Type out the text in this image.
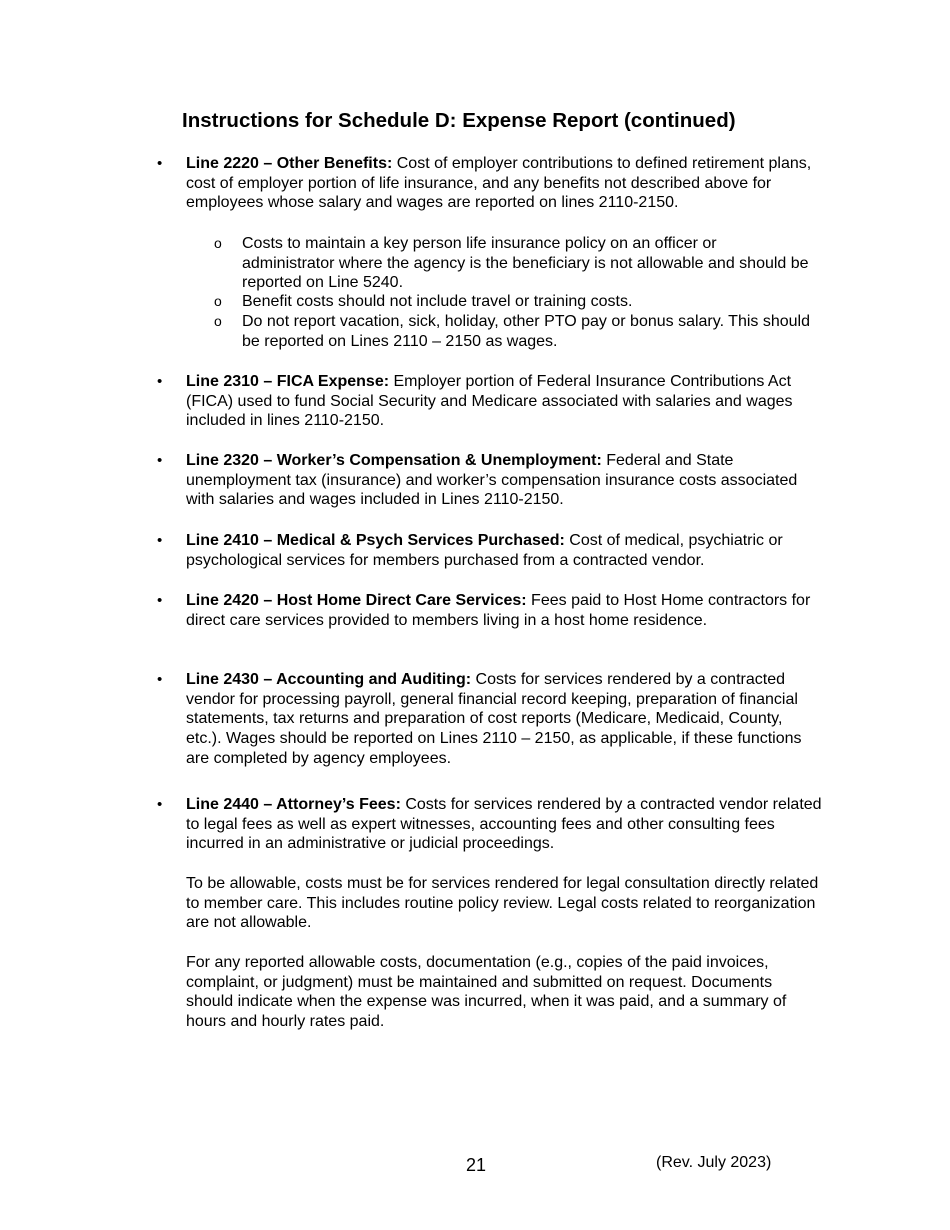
Instructions for Schedule D: Expense Report (continued)
• Line 2220 – Other Benefits: Cost of employer contributions to defined retirement plans, cost of employer portion of life insurance, and any benefits not described above for employees whose salary and wages are reported on lines 2110-2150.

o Costs to maintain a key person life insurance policy on an officer or administrator where the agency is the beneficiary is not allowable and should be reported on Line 5240.
o Benefit costs should not include travel or training costs.
o Do not report vacation, sick, holiday, other PTO pay or bonus salary. This should be reported on Lines 2110 – 2150 as wages.
• Line 2310 – FICA Expense: Employer portion of Federal Insurance Contributions Act (FICA) used to fund Social Security and Medicare associated with salaries and wages included in lines 2110-2150.

• Line 2320 – Worker’s Compensation & Unemployment: Federal and State unemployment tax (insurance) and worker’s compensation insurance costs associated with salaries and wages included in Lines 2110-2150.

• Line 2410 – Medical & Psych Services Purchased: Cost of medical, psychiatric or psychological services for members purchased from a contracted vendor.

• Line 2420 – Host Home Direct Care Services: Fees paid to Host Home contractors for direct care services provided to members living in a host home residence.

• Line 2430 – Accounting and Auditing: Costs for services rendered by a contracted vendor for processing payroll, general financial record keeping, preparation of financial statements, tax returns and preparation of cost reports (Medicare, Medicaid, County, etc.). Wages should be reported on Lines 2110 – 2150, as applicable, if these functions are completed by agency employees.

• Line 2440 – Attorney’s Fees: Costs for services rendered by a contracted vendor related to legal fees as well as expert witnesses, accounting fees and other consulting fees incurred in an administrative or judicial proceedings.

To be allowable, costs must be for services rendered for legal consultation directly related to member care. This includes routine policy review. Legal costs related to reorganization are not allowable.

For any reported allowable costs, documentation (e.g., copies of the paid invoices, complaint, or judgment) must be maintained and submitted on request. Documents should indicate when the expense was incurred, when it was paid, and a summary of hours and hourly rates paid.

21	(Rev. July 2023)
